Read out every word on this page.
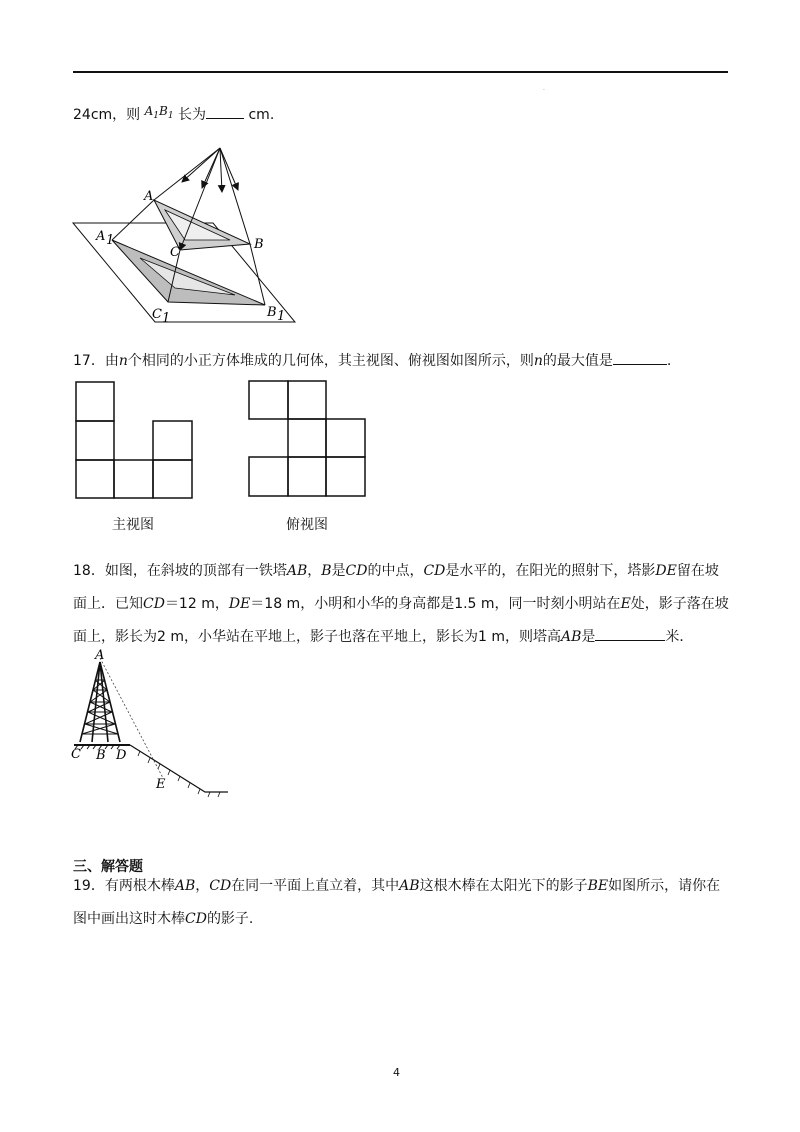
.
24cm，则 $A_1B_1$ 长为	cm.
A
B
C
A 1
B 1
C 1
17．由n个相同的小正方体堆成的几何体，其主视图、俯视图如图所示，则n的最大值是	.
主视图	俯视图
18．如图，在斜坡的顶部有一铁塔AB，B是CD的中点，CD是水平的，在阳光的照射下，塔影DE留在坡
面上．已知CD＝12 m，DE＝18 m，小明和小华的身高都是1.5 m，同一时刻小明站在E处，影子落在坡
面上，影长为2 m，小华站在平地上，影子也落在平地上，影长为1 m，则塔高AB是	米．
A
C B D
E
三、解答题
19．有两根木棒AB，CD在同一平面上直立着，其中AB这根木棒在太阳光下的影子BE如图所示，请你在
图中画出这时木棒CD的影子.
4
